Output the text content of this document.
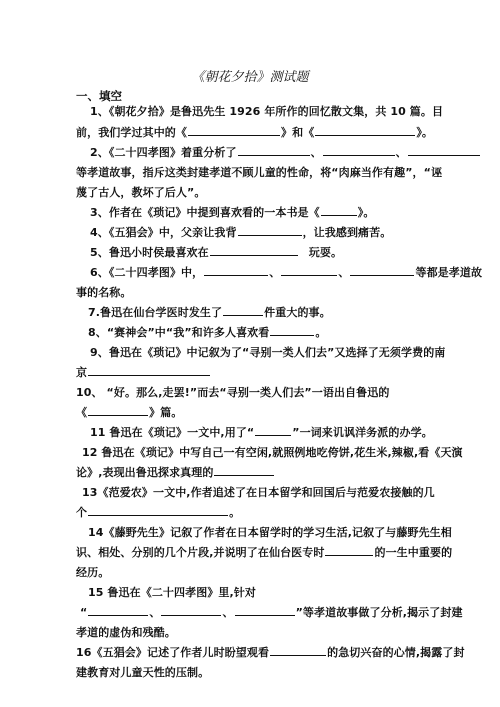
《朝花夕拾》测试题
一、填空
1、《朝花夕拾》是鲁迅先生 1926 年所作的回忆散文集，共 10 篇。目
前，我们学过其中的《	》和《	》。
2、《二十四孝图》着重分析了	、	、
等孝道故事，指斥这类封建孝道不顾儿童的性命，将“肉麻当作有趣”，“诬
蔑了古人，教坏了后人”。
3、作者在《琐记》中提到喜欢看的一本书是《	》。
4、《五猖会》中，父亲让我背	，让我感到痛苦。
5、鲁迅小时侯最喜欢在	玩耍。
6、《二十四孝图》中，	、	、	等都是孝道故
事的名称。
7.鲁迅在仙台学医时发生了	件重大的事。
8、“赛神会”中“我”和许多人喜欢看	。
9、鲁迅在《琐记》中记叙为了“寻别一类人们去”又选择了无须学费的南
京
10、 “好。那么,走罢!”而去“寻别一类人们去”一语出自鲁迅的
《	》篇。
11 鲁迅在《琐记》一文中,用了“	”一词来讥讽洋务派的办学。
12 鲁迅在《琐记》中写自己一有空闲,就照例地吃侉饼,花生米,辣椒,看《天演
论》,表现出鲁迅探求真理的
13《范爱农》一文中,作者追述了在日本留学和回国后与范爱农接触的几
个	。
14《藤野先生》记叙了作者在日本留学时的学习生活,记叙了与藤野先生相
识、相处、分别的几个片段,并说明了在仙台医专时	的一生中重要的
经历。
15 鲁迅在《二十四孝图》里,针对
“	、	、	”等孝道故事做了分析,揭示了封建
孝道的虚伪和残酷。
16《五猖会》记述了作者儿时盼望观看	的急切兴奋的心情,揭露了封
建教育对儿童天性的压制。
